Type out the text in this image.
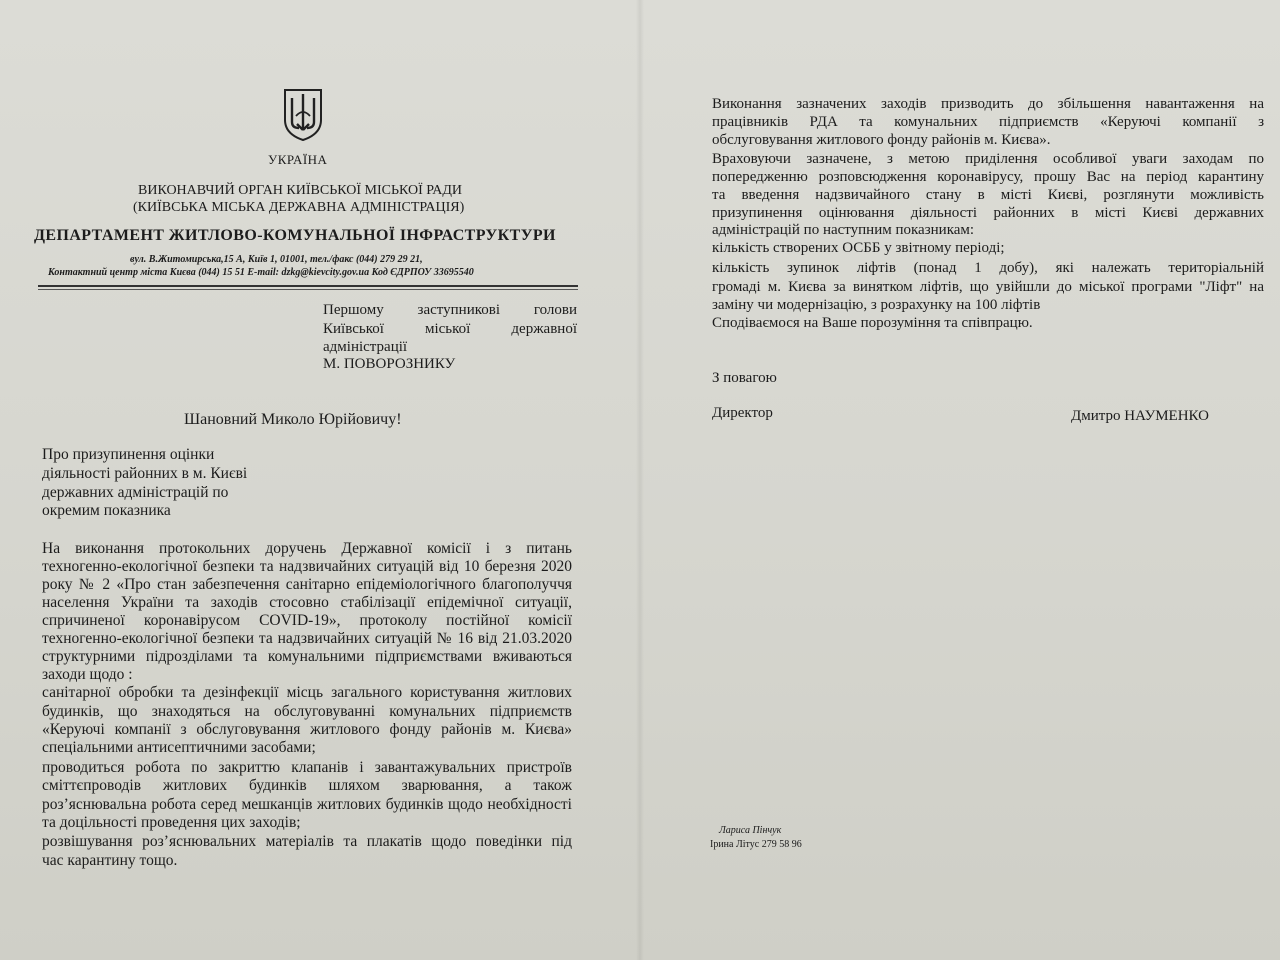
УКРАЇНА
ВИКОНАВЧИЙ ОРГАН КИЇВСЬКОЇ МІСЬКОЇ РАДИ
(КИЇВСЬКА МІСЬКА ДЕРЖАВНА АДМІНІСТРАЦІЯ)
ДЕПАРТАМЕНТ ЖИТЛОВО-КОМУНАЛЬНОЇ ІНФРАСТРУКТУРИ
вул. В.Житомирська,15 А, Київ 1, 01001, тел./факс (044) 279 29 21,
Контактний центр міста Києва (044) 15 51 E-mail: dzkg@kievcity.gov.ua Код ЄДРПОУ 33695540
Першому заступникові голови
Київської	міської	державної
адміністрації
М. ПОВОРОЗНИКУ
Шановний Миколо Юрійовичу!
Про призупинення оцінки
діяльності районних в м. Києві
державних адміністрацій по
окремим показника
На виконання протокольних доручень Державної комісії і з питань
техногенно-екологічної безпеки та надзвичайних ситуацій від 10 березня 2020
року № 2 «Про стан забезпечення санітарно епідеміологічного благополуччя
населення України та заходів стосовно стабілізації епідемічної ситуації,
спричиненої коронавірусом COVID-19», протоколу постійної комісії
техногенно-екологічної безпеки та надзвичайних ситуацій № 16 від 21.03.2020
структурними підрозділами та комунальними підприємствами вживаються
заходи щодо :
санітарної обробки та дезінфекції місць загального користування житлових
будинків, що знаходяться на обслуговуванні комунальних підприємств
«Керуючі компанії з обслуговування житлового фонду районів м. Києва»
спеціальними антисептичними засобами;
проводиться робота по закриттю клапанів і завантажувальних пристроїв
сміттєпроводів житлових будинків шляхом зварювання, а також
роз’яснювальна робота серед мешканців житлових будинків щодо необхідності
та доцільності проведення цих заходів;
розвішування роз’яснювальних матеріалів та плакатів щодо поведінки під
час карантину тощо.
Виконання зазначених заходів призводить до збільшення навантаження на
працівників РДА та комунальних підприємств «Керуючі компанії з
обслуговування житлового фонду районів м. Києва».
Враховуючи зазначене, з метою приділення особливої уваги заходам по
попередженню розповсюдження коронавірусу, прошу Вас на період карантину
та введення надзвичайного стану в місті Києві, розглянути можливість
призупинення оцінювання діяльності районних в місті Києві державних
адміністрацій по наступним показникам:
кількість створених ОСББ у звітному періоді;
кількість зупинок ліфтів (понад 1 добу), які належать територіальній
громаді м. Києва за винятком ліфтів, що увійшли до міської програми "Ліфт" на
заміну чи модернізацію, з розрахунку на 100 ліфтів
Сподіваємося на Ваше порозуміння та співпрацю.
З повагою
Директор	Дмитро НАУМЕНКО
Лариса Пінчук
Ірина Літус 279 58 96
